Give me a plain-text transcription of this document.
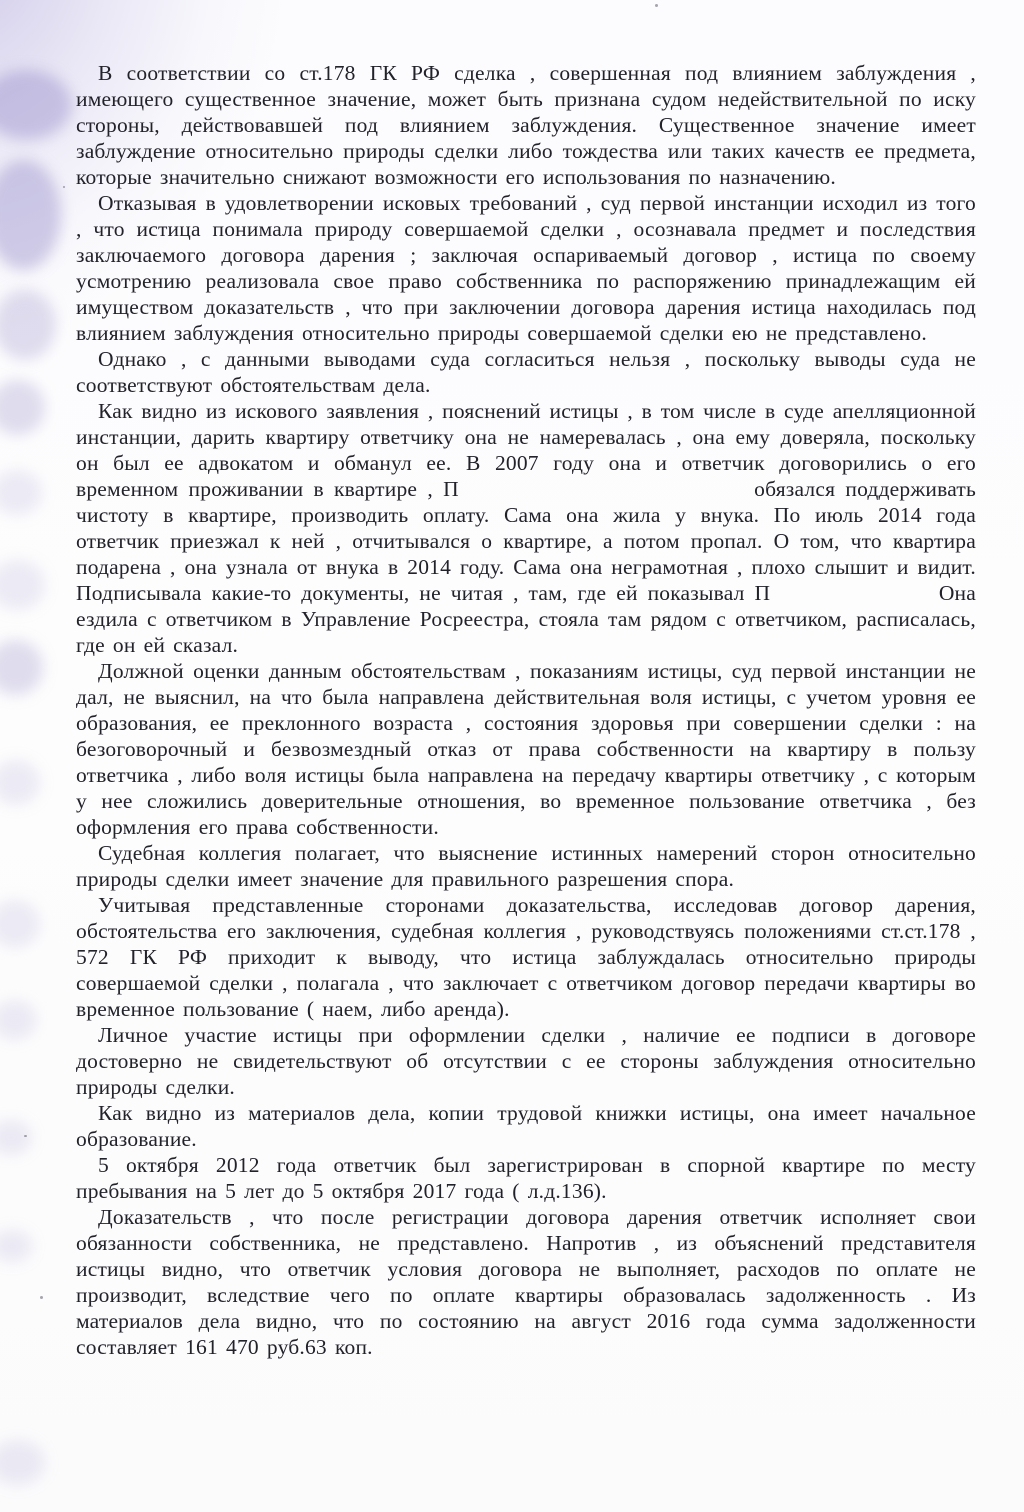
В соответствии со ст.178 ГК РФ сделка , совершенная под влиянием заблуждения , имеющего существенное значение, может быть признана судом недействительной по иску стороны, действовавшей под влиянием заблуждения. Существенное значение имеет заблуждение относительно природы сделки либо тождества или таких качеств ее предмета, которые значительно снижают возможности его использования по назначению.

Отказывая в удовлетворении исковых требований , суд первой инстанции исходил из того , что истица понимала природу совершаемой сделки , осознавала предмет и последствия заключаемого договора дарения ; заключая оспариваемый договор , истица по своему усмотрению реализовала свое право собственника по распоряжению принадлежащим ей имуществом доказательств , что при заключении договора дарения истица находилась под влиянием заблуждения относительно природы совершаемой сделки ею не представлено.

Однако , с данными выводами суда согласиться нельзя , поскольку выводы суда не соответствуют обстоятельствам дела.

Как видно из искового заявления , пояснений истицы , в том числе в суде апелляционной инстанции, дарить квартиру ответчику она не намеревалась , она ему доверяла, поскольку он был ее адвокатом и обманул ее. В 2007 году она и ответчик договорились о его временном проживании в квартире , П                             обязался поддерживать чистоту в квартире, производить оплату. Сама она жила у внука. По июль 2014 года ответчик приезжал к ней , отчитывался о квартире, а потом пропал. О том, что квартира подарена , она узнала от внука в 2014 году. Сама она неграмотная , плохо слышит и видит. Подписывала какие-то документы, не читая , там, где ей показывал П                 Она ездила с ответчиком в Управление Росреестра, стояла там рядом с ответчиком, расписалась, где он ей сказал.

Должной оценки данным обстоятельствам , показаниям истицы, суд первой инстанции не дал, не выяснил, на что была направлена действительная воля истицы, с учетом уровня ее образования, ее преклонного возраста , состояния здоровья при совершении сделки : на безоговорочный и безвозмездный отказ от права собственности на квартиру в пользу ответчика , либо воля истицы была направлена на передачу квартиры ответчику , с которым у нее сложились доверительные отношения, во временное пользование ответчика , без оформления его права собственности.

Судебная коллегия полагает, что выяснение истинных намерений сторон относительно природы сделки имеет значение для правильного разрешения спора.

Учитывая представленные сторонами доказательства, исследовав договор дарения, обстоятельства его заключения, судебная коллегия , руководствуясь положениями ст.ст.178 , 572 ГК РФ приходит к выводу, что истица заблуждалась относительно природы совершаемой сделки , полагала , что заключает с ответчиком договор передачи квартиры во временное пользование ( наем, либо аренда).

Личное участие истицы при оформлении сделки , наличие ее подписи в договоре достоверно не свидетельствуют об отсутствии с ее стороны заблуждения относительно природы сделки.

Как видно из материалов дела, копии трудовой книжки истицы, она имеет начальное образование.

5 октября 2012 года ответчик был зарегистрирован в спорной квартире по месту пребывания на 5 лет до 5 октября 2017 года ( л.д.136).

Доказательств , что после регистрации договора дарения ответчик исполняет свои обязанности собственника, не представлено. Напротив , из объяснений представителя истицы видно, что ответчик условия договора не выполняет, расходов по оплате не производит, вследствие чего по оплате квартиры образовалась задолженность . Из материалов дела видно, что по состоянию на август 2016 года сумма задолженности составляет 161 470 руб.63 коп.
